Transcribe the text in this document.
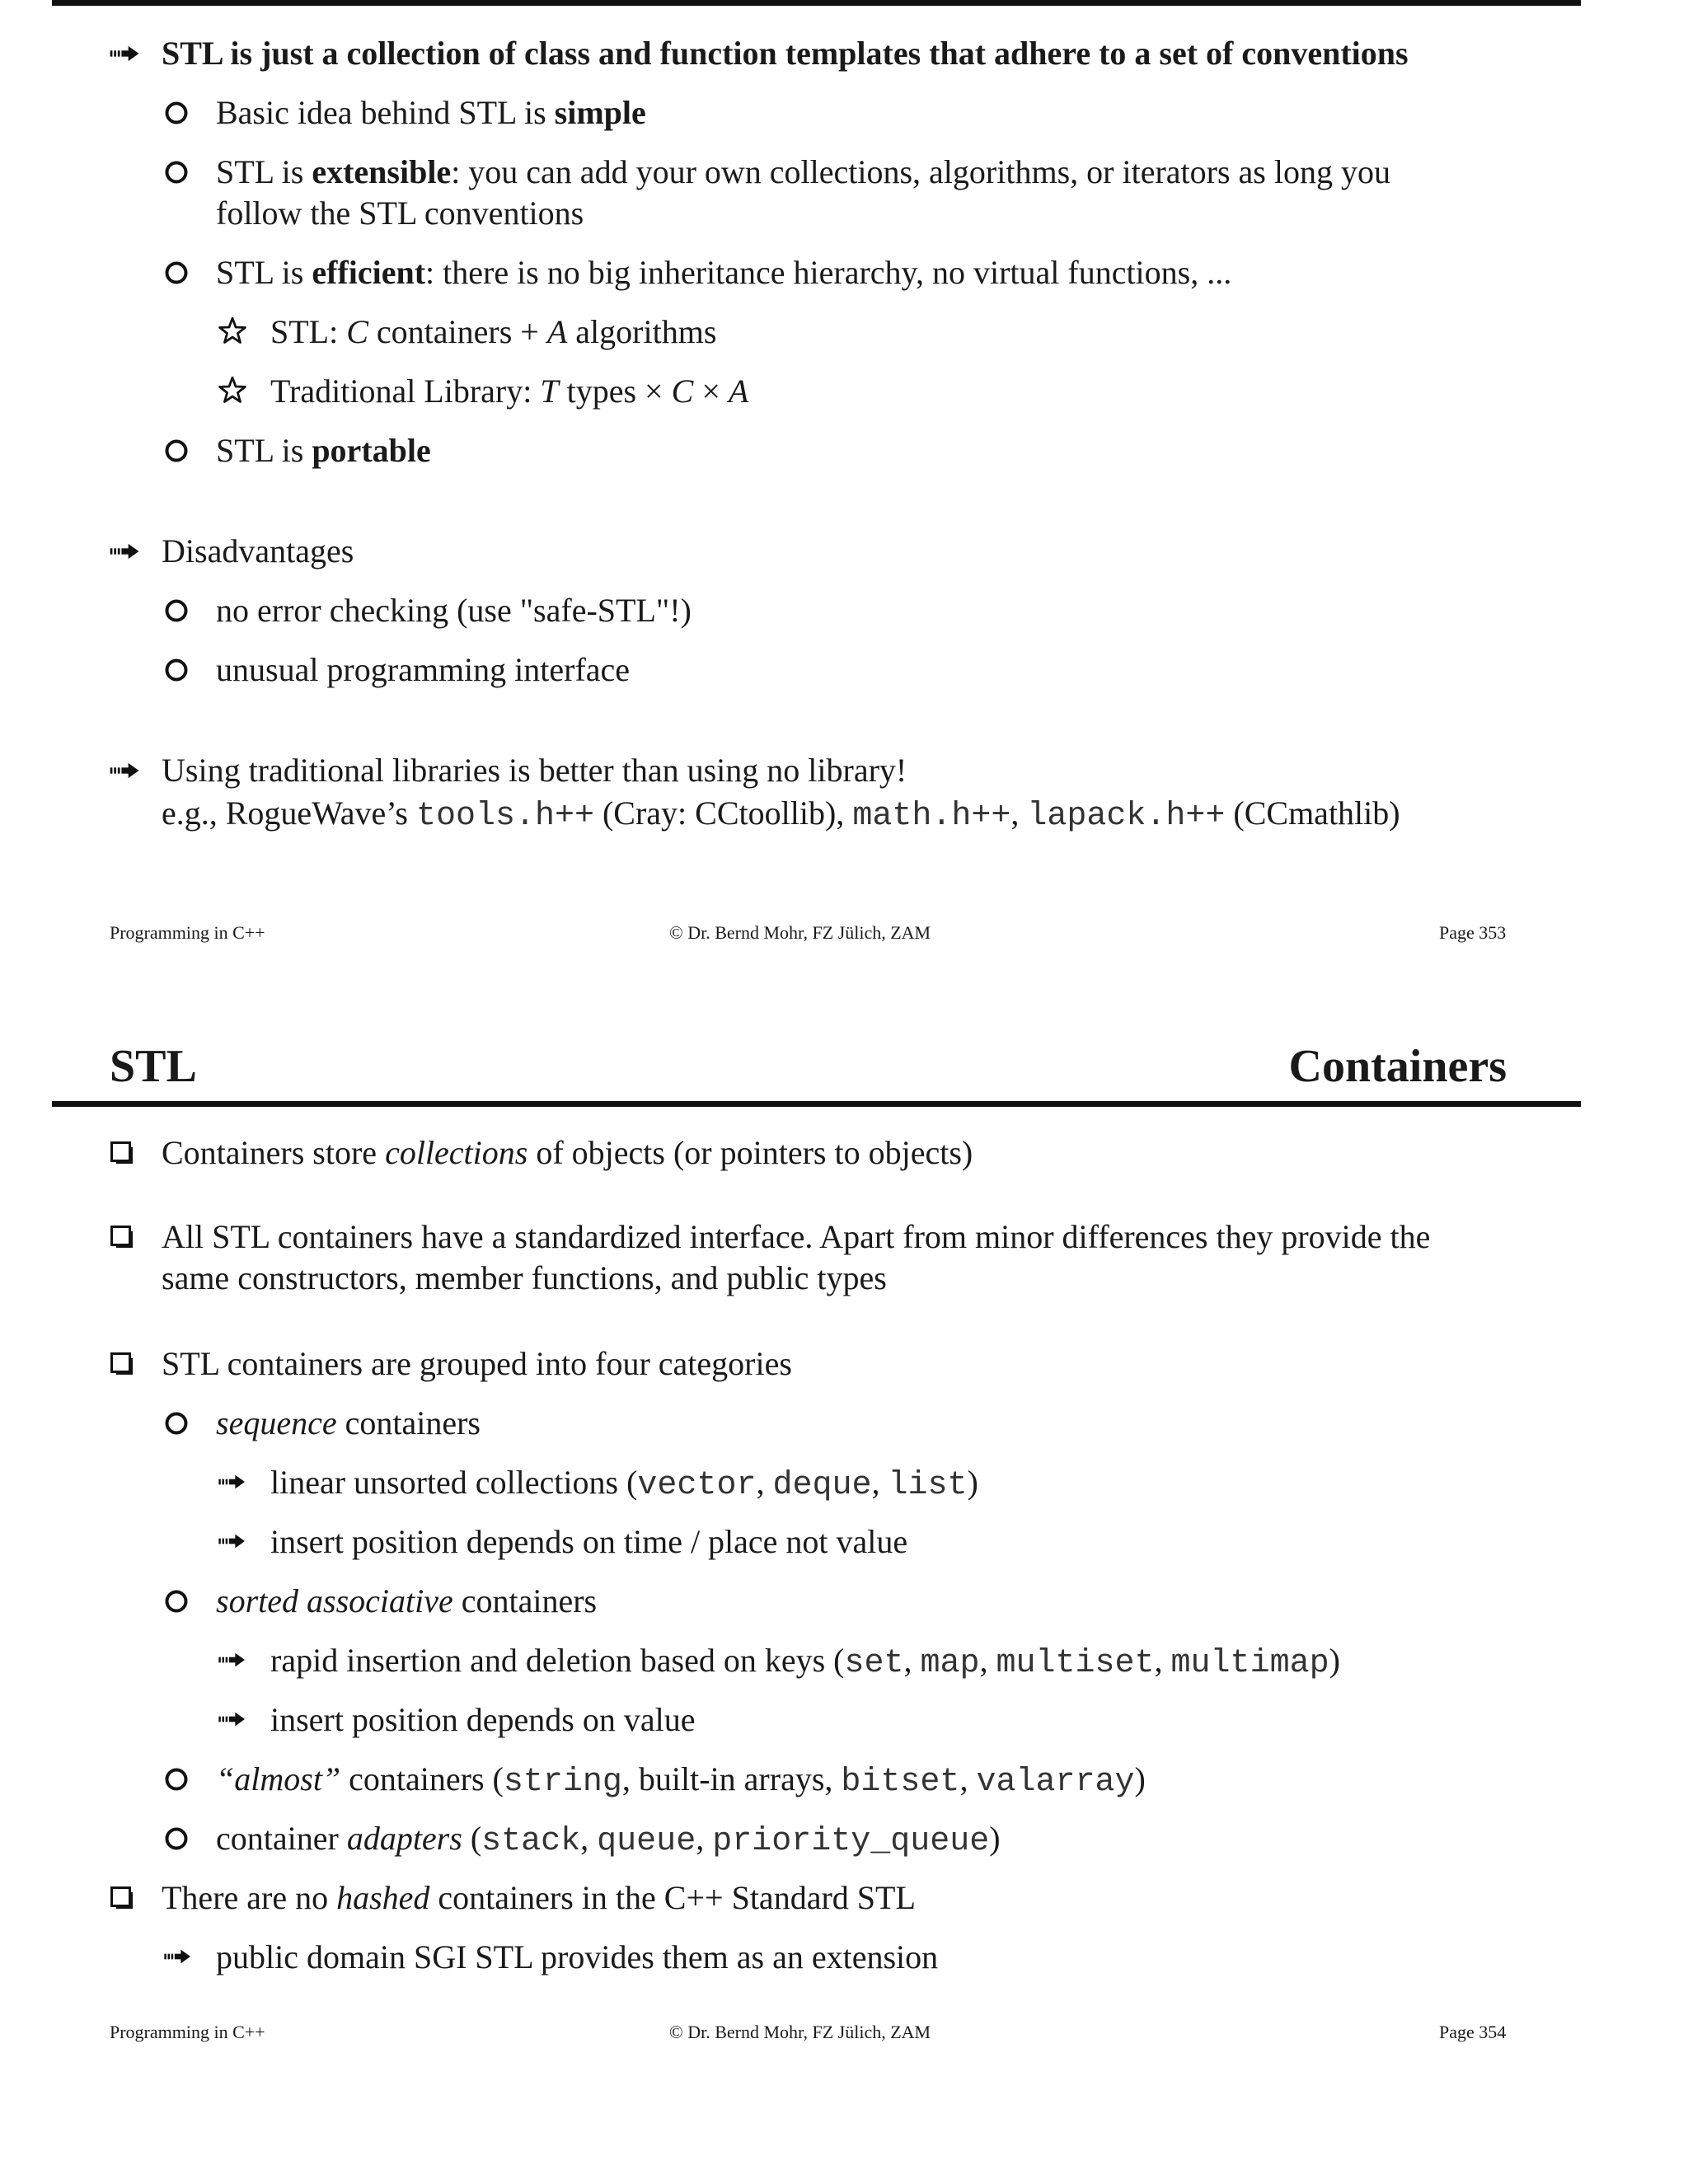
STL is just a collection of class and function templates that adhere to a set of conventions
Basic idea behind STL is simple
STL is extensible: you can add your own collections, algorithms, or iterators as long you
follow the STL conventions
STL is efficient: there is no big inheritance hierarchy, no virtual functions, ...
STL: C containers + A algorithms
Traditional Library: T types × C × A
STL is portable
Disadvantages
no error checking (use "safe-STL"!)
unusual programming interface
Using traditional libraries is better than using no library!
e.g., RogueWave’s tools.h++ (Cray: CCtoollib), math.h++, lapack.h++ (CCmathlib)
Programming in C++	© Dr. Bernd Mohr, FZ Jülich, ZAM	Page 353
STL	Containers
Containers store collections of objects (or pointers to objects)
All STL containers have a standardized interface. Apart from minor differences they provide the
same constructors, member functions, and public types
STL containers are grouped into four categories
sequence containers
linear unsorted collections (vector, deque, list)
insert position depends on time / place not value
sorted associative containers
rapid insertion and deletion based on keys (set, map, multiset, multimap)
insert position depends on value
“almost” containers (string, built-in arrays, bitset, valarray)
container adapters (stack, queue, priority_queue)
There are no hashed containers in the C++ Standard STL
public domain SGI STL provides them as an extension
Programming in C++	© Dr. Bernd Mohr, FZ Jülich, ZAM	Page 354
